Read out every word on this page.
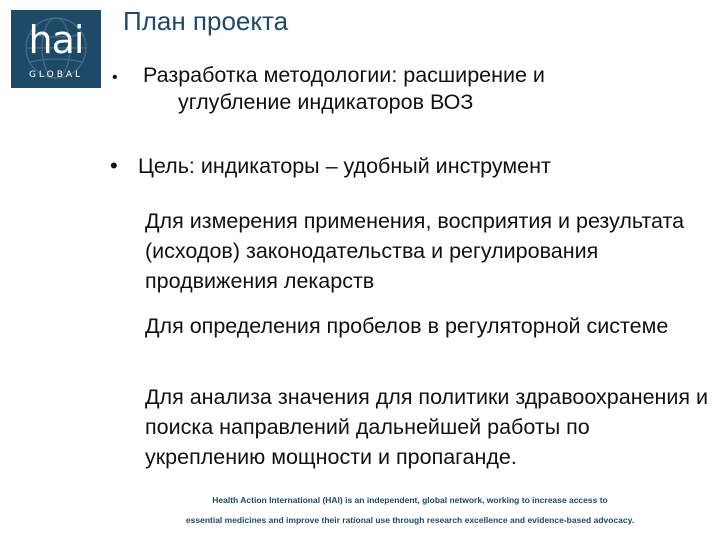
hai
GLOBAL
План проекта
• Разработка методологии: расширение и
углубление индикаторов ВОЗ
• Цель: индикаторы – удобный инструмент
Для измерения применения, восприятия и результата (исходов) законодательства и регулирования продвижения лекарств
Для определения пробелов в регуляторной системе
Для анализа значения для политики здравоохранения и поиска направлений дальнейшей работы по укреплению мощности и пропаганде.
Health Action International (HAI) is an independent, global network, working to increase access to
essential medicines and improve their rational use through research excellence and evidence-based advocacy.
